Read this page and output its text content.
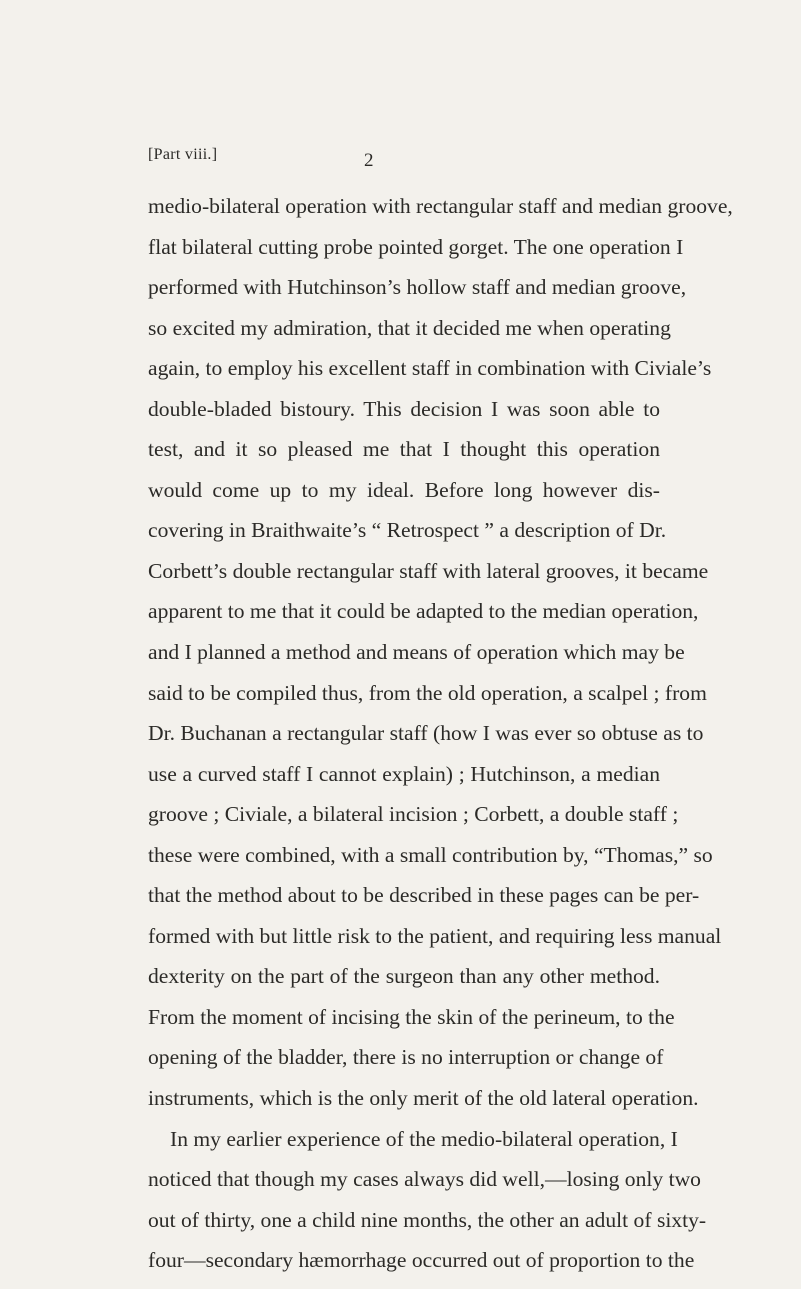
[Part viii.]	2
medio-bilateral operation with rectangular staff and median groove,
flat bilateral cutting probe pointed gorget. The one operation I
performed with Hutchinson’s hollow staff and median groove,
so excited my admiration, that it decided me when operating
again, to employ his excellent staff in combination with Civiale’s
double-bladed bistoury. This decision I was soon able to
test, and it so pleased me that I thought this operation
would come up to my ideal. Before long however dis-
covering in Braithwaite’s “ Retrospect ” a description of Dr.
Corbett’s double rectangular staff with lateral grooves, it became
apparent to me that it could be adapted to the median operation,
and I planned a method and means of operation which may be
said to be compiled thus, from the old operation, a scalpel ; from
Dr. Buchanan a rectangular staff (how I was ever so obtuse as to
use a curved staff I cannot explain) ; Hutchinson, a median
groove ; Civiale, a bilateral incision ; Corbett, a double staff ;
these were combined, with a small contribution by, “Thomas,” so
that the method about to be described in these pages can be per-
formed with but little risk to the patient, and requiring less manual
dexterity on the part of the surgeon than any other method.
From the moment of incising the skin of the perineum, to the
opening of the bladder, there is no interruption or change of
instruments, which is the only merit of the old lateral operation.
In my earlier experience of the medio-bilateral operation, I
noticed that though my cases always did well,—losing only two
out of thirty, one a child nine months, the other an adult of sixty-
four—secondary hæmorrhage occurred out of proportion to the
